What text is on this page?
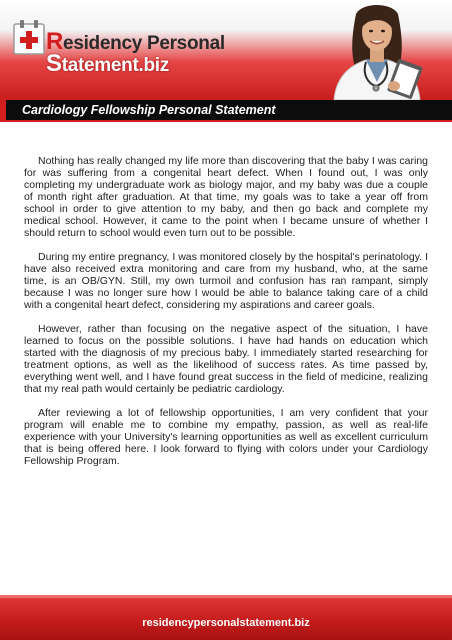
Residency Personal
Statement.biz
Cardiology Fellowship Personal Statement

Nothing has really changed my life more than discovering that the baby I was caring for was suffering from a congenital heart defect. When I found out, I was only completing my undergraduate work as biology major, and my baby was due a couple of month right after graduation. At that time, my goals was to take a year off from school in order to give attention to my baby, and then go back and complete my medical school. However, it came to the point when I became unsure of whether I should return to school would even turn out to be possible.

During my entire pregnancy, I was monitored closely by the hospital's perinatology. I have also received extra monitoring and care from my husband, who, at the same time, is an OB/GYN. Still, my own turmoil and confusion has ran rampant, simply because I was no longer sure how I would be able to balance taking care of a child with a congenital heart defect, considering my aspirations and career goals.

However, rather than focusing on the negative aspect of the situation, I have learned to focus on the possible solutions. I have had hands on education which started with the diagnosis of my precious baby. I immediately started researching for treatment options, as well as the likelihood of success rates. As time passed by, everything went well, and I have found great success in the field of medicine, realizing that my real path would certainly be pediatric cardiology.

After reviewing a lot of fellowship opportunities, I am very confident that your program will enable me to combine my empathy, passion, as well as real-life experience with your University's learning opportunities as well as excellent curriculum that is being offered here. I look forward to flying with colors under your Cardiology Fellowship Program.

residencypersonalstatement.biz
